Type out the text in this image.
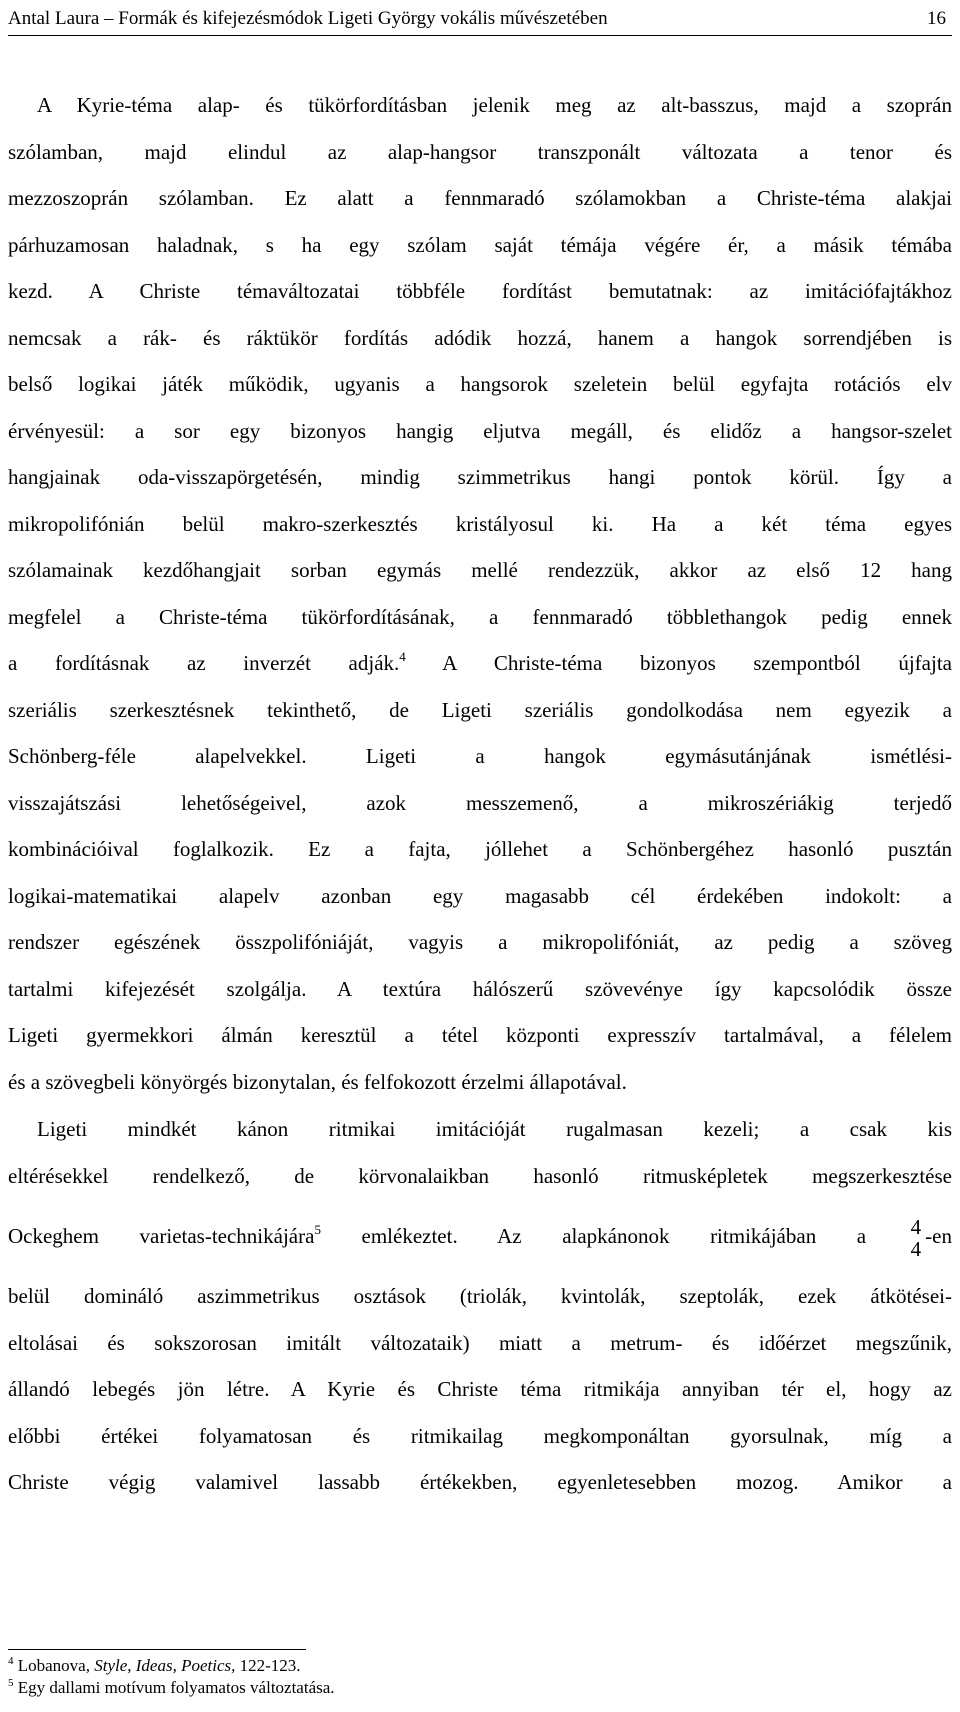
Antal Laura – Formák és kifejezésmódok Ligeti György vokális művészetében	16
A Kyrie-téma alap- és tükörfordításban jelenik meg az alt-basszus, majd a szoprán
szólamban, majd elindul az alap-hangsor transzponált változata a tenor és
mezzoszoprán szólamban. Ez alatt a fennmaradó szólamokban a Christe-téma alakjai
párhuzamosan haladnak, s ha egy szólam saját témája végére ér, a másik témába
kezd. A Christe témaváltozatai többféle fordítást bemutatnak: az imitációfajtákhoz
nemcsak a rák- és ráktükör fordítás adódik hozzá, hanem a hangok sorrendjében is
belső logikai játék működik, ugyanis a hangsorok szeletein belül egyfajta rotációs elv
érvényesül: a sor egy bizonyos hangig eljutva megáll, és elidőz a hangsor-szelet
hangjainak oda-visszapörgetésén, mindig szimmetrikus hangi pontok körül. Így a
mikropolifónián belül makro-szerkesztés kristályosul ki. Ha a két téma egyes
szólamainak kezdőhangjait sorban egymás mellé rendezzük, akkor az első 12 hang
megfelel a Christe-téma tükörfordításának, a fennmaradó többlethangok pedig ennek
a fordításnak az inverzét adják.$^4$ A Christe-téma bizonyos szempontból újfajta
szeriális szerkesztésnek tekinthető, de Ligeti szeriális gondolkodása nem egyezik a
Schönberg-féle alapelvekkel. Ligeti a hangok egymásutánjának ismétlési-
visszajátszási lehetőségeivel, azok messzemenő, a mikroszériákig terjedő
kombinációival foglalkozik. Ez a fajta, jóllehet a Schönbergéhez hasonló pusztán
logikai-matematikai alapelv azonban egy magasabb cél érdekében indokolt: a
rendszer egészének összpolifóniáját, vagyis a mikropolifóniát, az pedig a szöveg
tartalmi kifejezését szolgálja. A textúra hálószerű szövevénye így kapcsolódik össze
Ligeti gyermekkori álmán keresztül a tétel központi expresszív tartalmával, a félelem
és a szövegbeli könyörgés bizonytalan, és felfokozott érzelmi állapotával.
Ligeti mindkét kánon ritmikai imitációját rugalmasan kezeli; a csak kis
eltérésekkel rendelkező, de körvonalaikban hasonló ritmusképletek megszerkesztése
Ockeghem varietas-technikájára$^5$ emlékeztet. Az alapkánonok ritmikájában a 4
4
-en
belül domináló aszimmetrikus osztások (triolák, kvintolák, szeptolák, ezek átkötései-
eltolásai és sokszorosan imitált változataik) miatt a metrum- és időérzet megszűnik,
állandó lebegés jön létre. A Kyrie és Christe téma ritmikája annyiban tér el, hogy az
előbbi értékei folyamatosan és ritmikailag megkomponáltan gyorsulnak, míg a
Christe végig valamivel lassabb értékekben, egyenletesebben mozog. Amikor a
$^4$ Lobanova, Style, Ideas, Poetics, 122-123.
$^5$ Egy dallami motívum folyamatos változtatása.
